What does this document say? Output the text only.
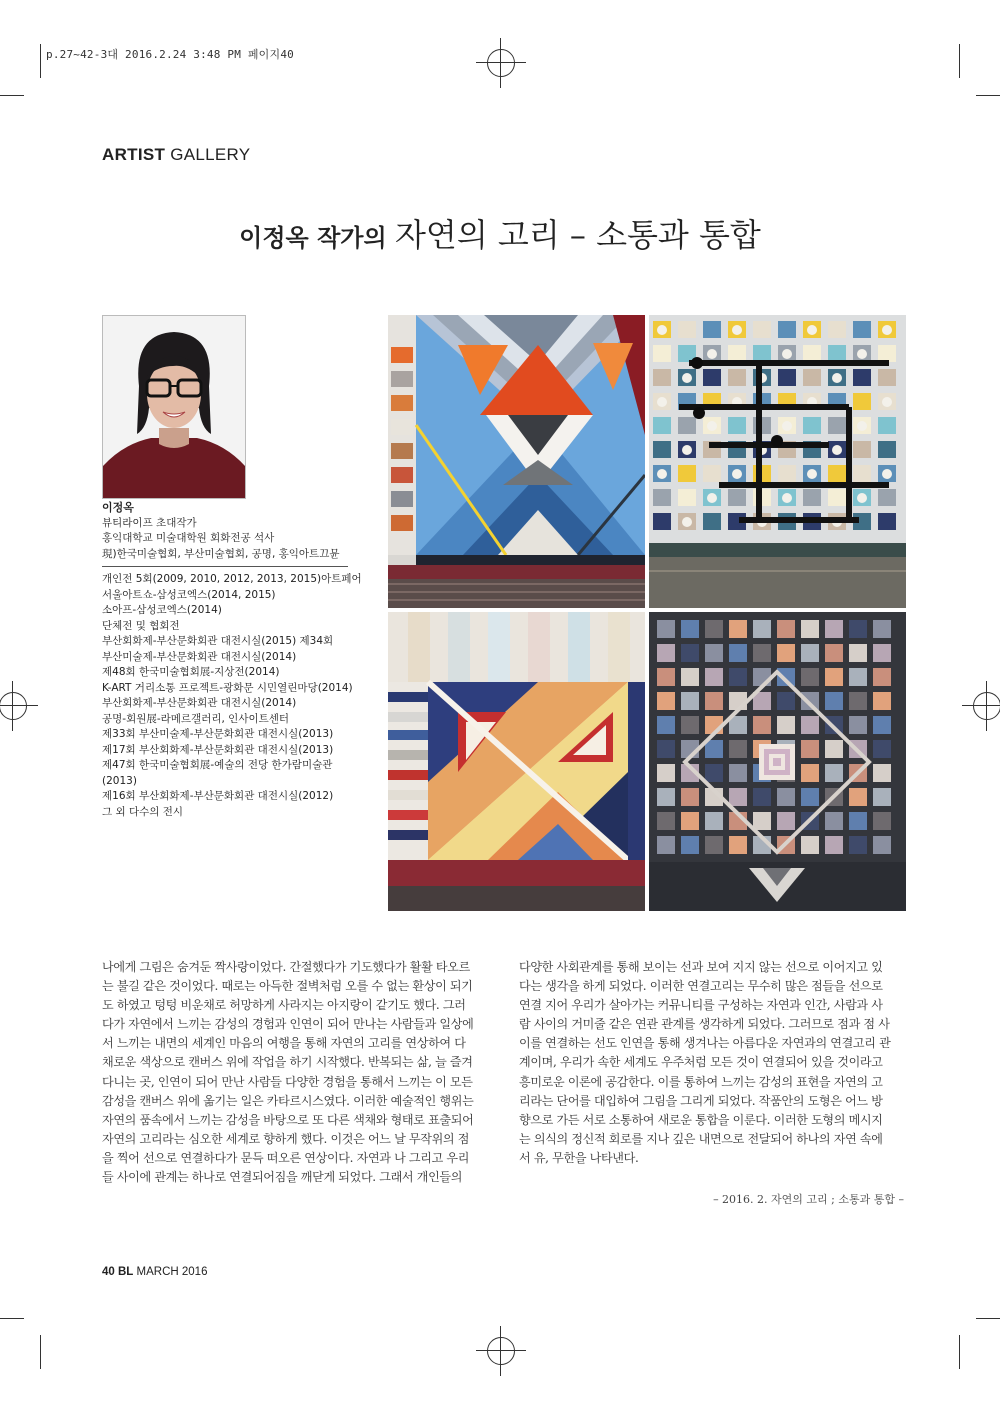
p.27~42-3대 2016.2.24 3:48 PM 페이지40
ARTIST GALLERY
이정옥 작가의 자연의 고리 – 소통과 통합
이정옥
뷰티라이프 초대작가
홍익대학교 미술대학원 회화전공 석사
現)한국미술협회, 부산미술협회, 공명, 홍익아트끄뮨
개인전 5회(2009, 2010, 2012, 2013, 2015)아트페어
서울아트쇼-삼성코엑스(2014, 2015)
소아프-삼성코엑스(2014)
단체전 및 협회전
부산회화제-부산문화회관 대전시실(2015) 제34회
부산미술제-부산문화회관 대전시실(2014)
제48회 한국미술협회展-지상전(2014)
K-ART 거리소통 프로젝트-광화문 시민열린마당(2014)
부산회화제-부산문화회관 대전시실(2014)
공명-회원展-라메르갤러리, 인사이트센터
제33회 부산미술제-부산문화회관 대전시실(2013)
제17회 부산회화제-부산문화회관 대전시실(2013)
제47회 한국미술협회展-예술의 전당 한가람미술관(2013)
제16회 부산회화제-부산문화회관 대전시실(2012)
그 외 다수의 전시
나에게 그림은 숨겨둔 짝사랑이었다. 간절했다가 기도했다가 활활 타오르
는 불길 같은 것이었다. 때로는 아득한 절벽처럼 오를 수 없는 환상이 되기
도 하였고 텅텅 비운채로 허망하게 사라지는 아지랑이 같기도 했다. 그러
다가 자연에서 느끼는 감성의 경험과 인연이 되어 만나는 사람들과 일상에
서 느끼는 내면의 세계인 마음의 여행을 통해 자연의 고리를 연상하여 다
채로운 색상으로 캔버스 위에 작업을 하기 시작했다. 반복되는 삶, 늘 즐겨
다니는 곳, 인연이 되어 만난 사람들 다양한 경험을 통해서 느끼는 이 모든
감성을 캔버스 위에 옮기는 일은 카타르시스였다. 이러한 예술적인 행위는
자연의 품속에서 느끼는 감성을 바탕으로 또 다른 색채와 형태로 표출되어
자연의 고리라는 심오한 세계로 향하게 했다. 이것은 어느 날 무작위의 점
을 찍어 선으로 연결하다가 문득 떠오른 연상이다. 자연과 나 그리고 우리
들 사이에 관계는 하나로 연결되어짐을 깨닫게 되었다. 그래서 개인들의
다양한 사회관계를 통해 보이는 선과 보여 지지 않는 선으로 이어지고 있
다는 생각을 하게 되었다. 이러한 연결고리는 무수히 많은 점들을 선으로
연결 지어 우리가 살아가는 커뮤니티를 구성하는 자연과 인간, 사람과 사
람 사이의 거미줄 같은 연관 관계를 생각하게 되었다. 그러므로 점과 점 사
이를 연결하는 선도 인연을 통해 생겨나는 아름다운 자연과의 연결고리 관
계이며, 우리가 속한 세계도 우주처럼 모든 것이 연결되어 있을 것이라고
흥미로운 이론에 공감한다. 이를 통하여 느끼는 감성의 표현을 자연의 고
리라는 단어를 대입하여 그림을 그리게 되었다. 작품안의 도형은 어느 방
향으로 가든 서로 소통하여 새로운 통합을 이룬다. 이러한 도형의 메시지
는 의식의 정신적 회로를 지나 깊은 내면으로 전달되어 하나의 자연 속에
서 유, 무한을 나타낸다.
– 2016. 2. 자연의 고리 ; 소통과 통합 –
40 BL MARCH 2016
